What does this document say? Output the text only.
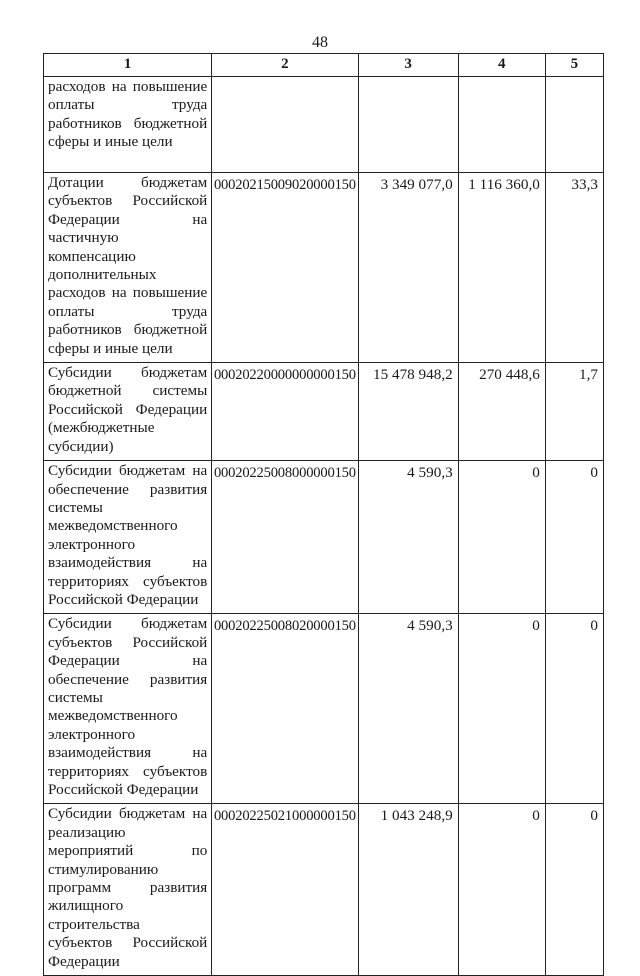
48
1	2	3	4	5
расходов на повышение оплаты труда работников бюджетной сферы и иные цели				
Дотации бюджетам субъектов Российской Федерации на частичную компенсацию дополнительных расходов на повышение оплаты труда работников бюджетной сферы и иные цели	00020215009020000150	3 349 077,0	1 116 360,0	33,3
Субсидии бюджетам бюджетной системы Российской Федерации (межбюджетные субсидии)	00020220000000000150	15 478 948,2	270 448,6	1,7
Субсидии бюджетам на обеспечение развития системы межведомственного электронного взаимодействия на территориях субъектов Российской Федерации	00020225008000000150	4 590,3	0	0
Субсидии бюджетам субъектов Российской Федерации на обеспечение развития системы межведомственного электронного взаимодействия на территориях субъектов Российской Федерации	00020225008020000150	4 590,3	0	0
Субсидии бюджетам на реализацию мероприятий по стимулированию программ развития жилищного строительства субъектов Российской Федерации	00020225021000000150	1 043 248,9	0	0
